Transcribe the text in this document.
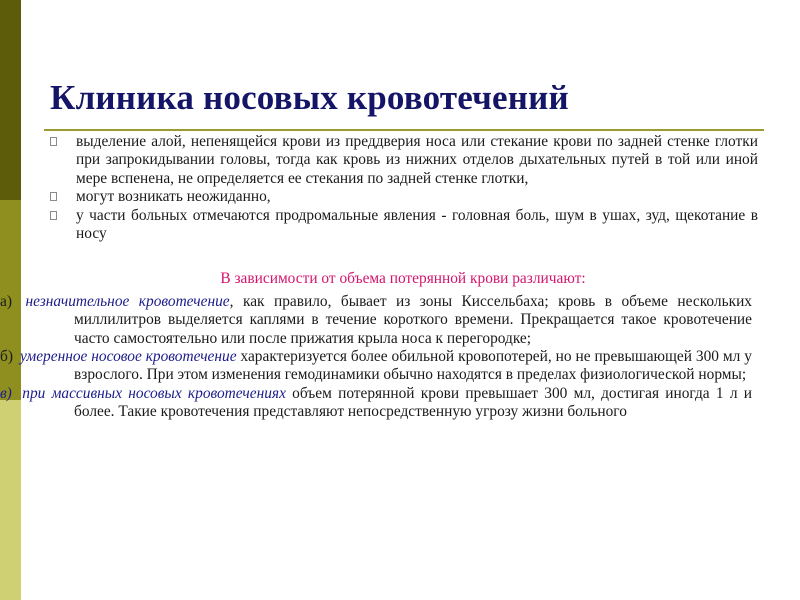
Клиника носовых кровотечений
выделение алой, непенящейся крови из преддверия носа или стекание крови по задней стенке глотки при запрокидывании головы, тогда как кровь из нижних отделов дыхательных путей в той или иной мере вспенена, не определяется ее стекания по задней стенке глотки,
могут возникать неожиданно,
у части больных отмечаются продромальные явления - головная боль, шум в ушах, зуд, щекотание в носу
В зависимости от объема потерянной крови различают:

а) незначительное кровотечение, как правило, бывает из зоны Киссельбаха; кровь в объеме нескольких миллилитров выделяется каплями в течение короткого времени. Прекращается такое кровотечение часто самостоятельно или после прижатия крыла носа к перегородке;

б) умеренное носовое кровотечение характеризуется более обильной кровопотерей, но не превышающей 300 мл у взрослого. При этом изменения гемодинамики обычно находятся в пределах физиологической нормы;

в) при массивных носовых кровотечениях объем потерянной крови превышает 300 мл, достигая иногда 1 л и более. Такие кровотечения представляют непосредственную угрозу жизни больного
